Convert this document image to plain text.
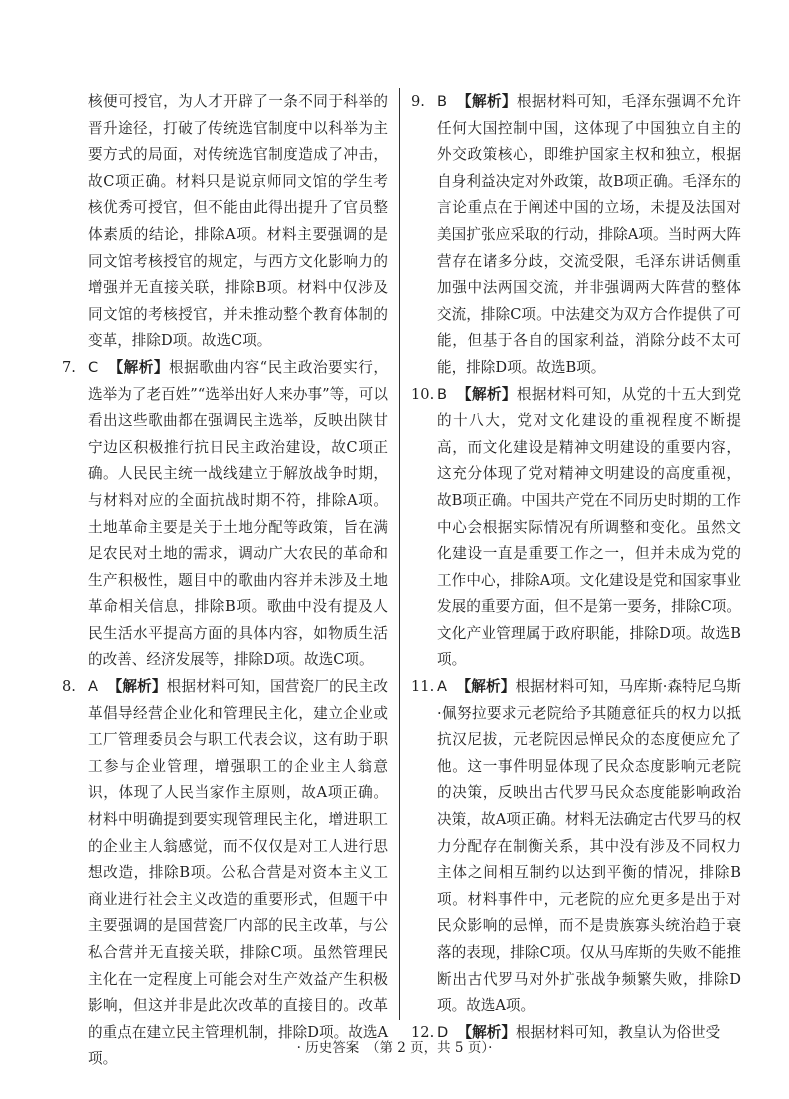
核便可授官，为人才开辟了一条不同于科举的晋升途径，打破了传统选官制度中以科举为主要方式的局面，对传统选官制度造成了冲击，故C项正确。材料只是说京师同文馆的学生考核优秀可授官，但不能由此得出提升了官员整体素质的结论，排除A项。材料主要强调的是同文馆考核授官的规定，与西方文化影响力的增强并无直接关联，排除B项。材料中仅涉及同文馆的考核授官，并未推动整个教育体制的变革，排除D项。故选C项。

7. C 【解析】根据歌曲内容“民主政治要实行，选举为了老百姓”“选举出好人来办事”等，可以看出这些歌曲都在强调民主选举，反映出陕甘宁边区积极推行抗日民主政治建设，故C项正确。人民民主统一战线建立于解放战争时期，与材料对应的全面抗战时期不符，排除A项。土地革命主要是关于土地分配等政策，旨在满足农民对土地的需求，调动广大农民的革命和生产积极性，题目中的歌曲内容并未涉及土地革命相关信息，排除B项。歌曲中没有提及人民生活水平提高方面的具体内容，如物质生活的改善、经济发展等，排除D项。故选C项。
8. A 【解析】根据材料可知，国营瓷厂的民主改革倡导经营企业化和管理民主化，建立企业或工厂管理委员会与职工代表会议，这有助于职工参与企业管理，增强职工的企业主人翁意识，体现了人民当家作主原则，故A项正确。材料中明确提到要实现管理民主化，增进职工的企业主人翁感觉，而不仅仅是对工人进行思想改造，排除B项。公私合营是对资本主义工商业进行社会主义改造的重要形式，但题干中主要强调的是国营瓷厂内部的民主改革，与公私合营并无直接关联，排除C项。虽然管理民主化在一定程度上可能会对生产效益产生积极影响，但这并非是此次改革的直接目的。改革的重点在建立民主管理机制，排除D项。故选A项。
9. B 【解析】根据材料可知，毛泽东强调不允许任何大国控制中国，这体现了中国独立自主的外交政策核心，即维护国家主权和独立，根据自身利益决定对外政策，故B项正确。毛泽东的言论重点在于阐述中国的立场，未提及法国对美国扩张应采取的行动，排除A项。当时两大阵营存在诸多分歧，交流受限，毛泽东讲话侧重加强中法两国交流，并非强调两大阵营的整体交流，排除C项。中法建交为双方合作提供了可能，但基于各自的国家利益，消除分歧不太可能，排除D项。故选B项。
10. B 【解析】根据材料可知，从党的十五大到党的十八大，党对文化建设的重视程度不断提高，而文化建设是精神文明建设的重要内容，这充分体现了党对精神文明建设的高度重视，故B项正确。中国共产党在不同历史时期的工作中心会根据实际情况有所调整和变化。虽然文化建设一直是重要工作之一，但并未成为党的工作中心，排除A项。文化建设是党和国家事业发展的重要方面，但不是第一要务，排除C项。文化产业管理属于政府职能，排除D项。故选B项。
11. A 【解析】根据材料可知，马库斯·森特尼乌斯·佩努拉要求元老院给予其随意征兵的权力以抵抗汉尼拔，元老院因忌惮民众的态度便应允了他。这一事件明显体现了民众态度影响元老院的决策，反映出古代罗马民众态度能影响政治决策，故A项正确。材料无法确定古代罗马的权力分配存在制衡关系，其中没有涉及不同权力主体之间相互制约以达到平衡的情况，排除B项。材料事件中，元老院的应允更多是出于对民众影响的忌惮，而不是贵族寡头统治趋于衰落的表现，排除C项。仅从马库斯的失败不能推断出古代罗马对外扩张战争频繁失败，排除D项。故选A项。
12. D 【解析】根据材料可知，教皇认为俗世受
· 历史答案　（第 2 页，共 5 页）·
